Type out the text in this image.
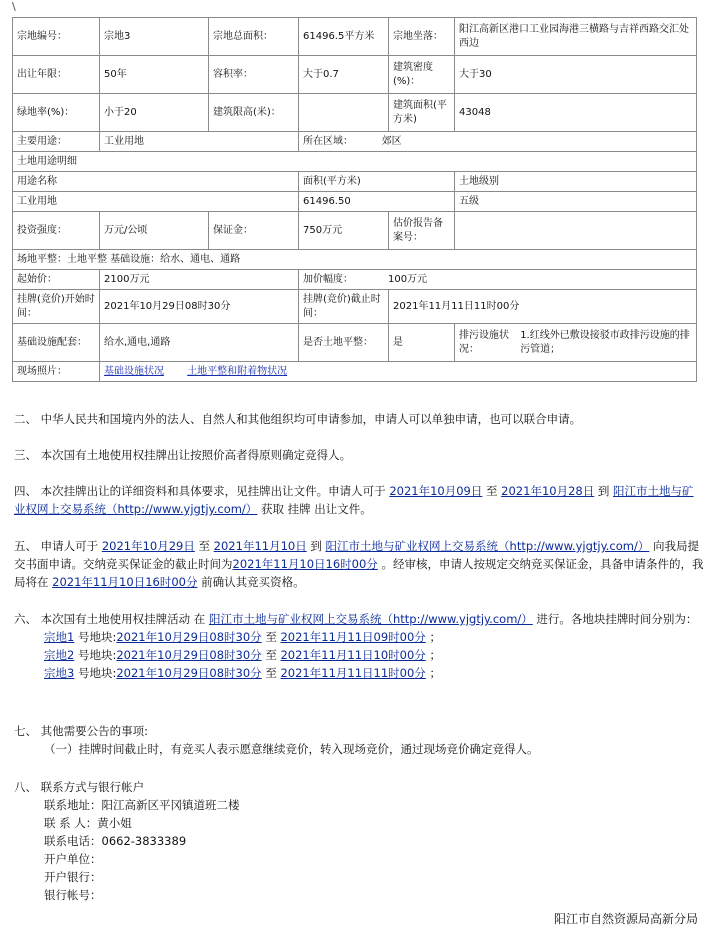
\
宗地编号：	宗地3	宗地总面积：	61496.5平方米	宗地坐落：	阳江高新区港口工业园海港三横路与吉祥西路交汇处西边
出让年限：	50年	容积率：	大于0.7	建筑密度(%)：	大于30
绿地率(%)：	小于20	建筑限高(米)：		建筑面积(平方米)	43048
主要用途：	工业用地		所在区域： 郊区		
土地用途明细					
用途名称			面积(平方米)		土地级别
工业用地			61496.50		五级
投资强度：	万元/公顷	保证金：	750万元	估价报告备案号：	
场地平整：土地平整 基础设施：给水、通电、通路					
起始价：	2100万元		加价幅度： 100万元		
挂牌(竞价)开始时间：	2021年10月29日08时30分		挂牌(竞价)截止时间：	2021年11月11日11时00分	
基础设施配套：	给水,通电,通路		是否土地平整：	是	排污设施状况： 1.红线外已敷设接驳市政排污设施的排污管道；
现场照片：	基础设施状况 土地平整和附着物状况				
二、 中华人民共和国境内外的法人、自然人和其他组织均可申请参加，申请人可以单独申请，也可以联合申请。
三、 本次国有土地使用权挂牌出让按照价高者得原则确定竞得人。
四、 本次挂牌出让的详细资料和具体要求，见挂牌出让文件。申请人可于 2021年10月09日 至 2021年10月28日 到 阳江市土地与矿业权网上交易系统（http://www.yjgtjy.com/） 获取 挂牌 出让文件。
五、 申请人可于 2021年10月29日 至 2021年11月10日 到 阳江市土地与矿业权网上交易系统（http://www.yjgtjy.com/） 向我局提交书面申请。交纳竞买保证金的截止时间为2021年11月10日16时00分 。经审核，申请人按规定交纳竞买保证金，具备申请条件的，我局将在 2021年11月10日16时00分 前确认其竞买资格。
六、 本次国有土地使用权挂牌活动 在 阳江市土地与矿业权网上交易系统（http://www.yjgtjy.com/） 进行。各地块挂牌时间分别为：
宗地1 号地块:2021年10月29日08时30分 至 2021年11月11日09时00分 ；
宗地2 号地块:2021年10月29日08时30分 至 2021年11月11日10时00分 ；
宗地3 号地块:2021年10月29日08时30分 至 2021年11月11日11时00分 ；
七、 其他需要公告的事项:
（一）挂牌时间截止时，有竞买人表示愿意继续竞价，转入现场竞价，通过现场竞价确定竞得人。
八、 联系方式与银行帐户
联系地址：阳江高新区平冈镇道班二楼
联 系 人：黄小姐
联系电话：0662-3833389
开户单位：
开户银行：
银行帐号：
阳江市自然资源局高新分局
